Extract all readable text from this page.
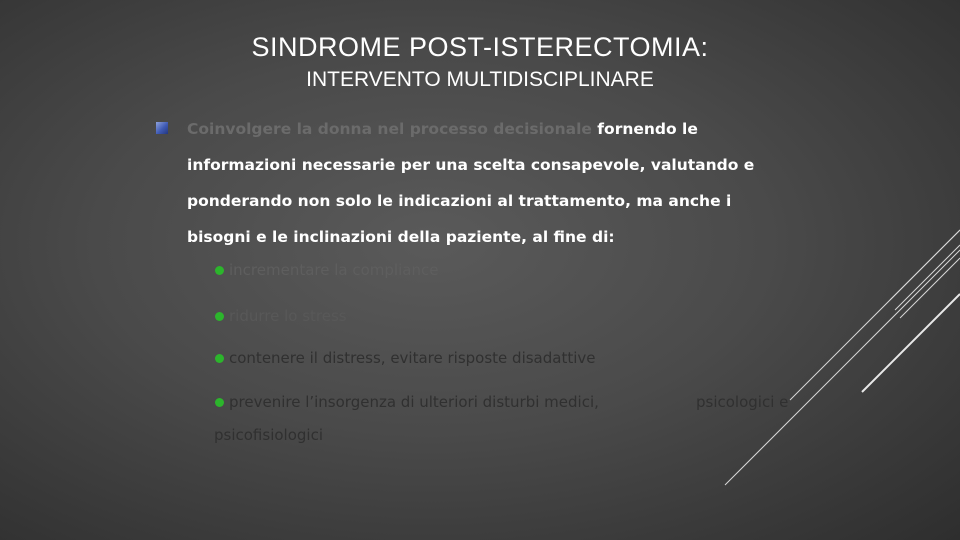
SINDROME POST-ISTERECTOMIA:
INTERVENTO MULTIDISCIPLINARE
Coinvolgere la donna nel processo decisionale fornendo le informazioni necessarie per una scelta consapevole, valutando e ponderando non solo le indicazioni al trattamento, ma anche i bisogni e le inclinazioni della paziente, al fine di:
incrementare la compliance
ridurre lo stress
contenere il distress, evitare risposte disadattive
prevenire l’insorgenza di ulteriori disturbi medici,	psicologici e
psicofisiologici
